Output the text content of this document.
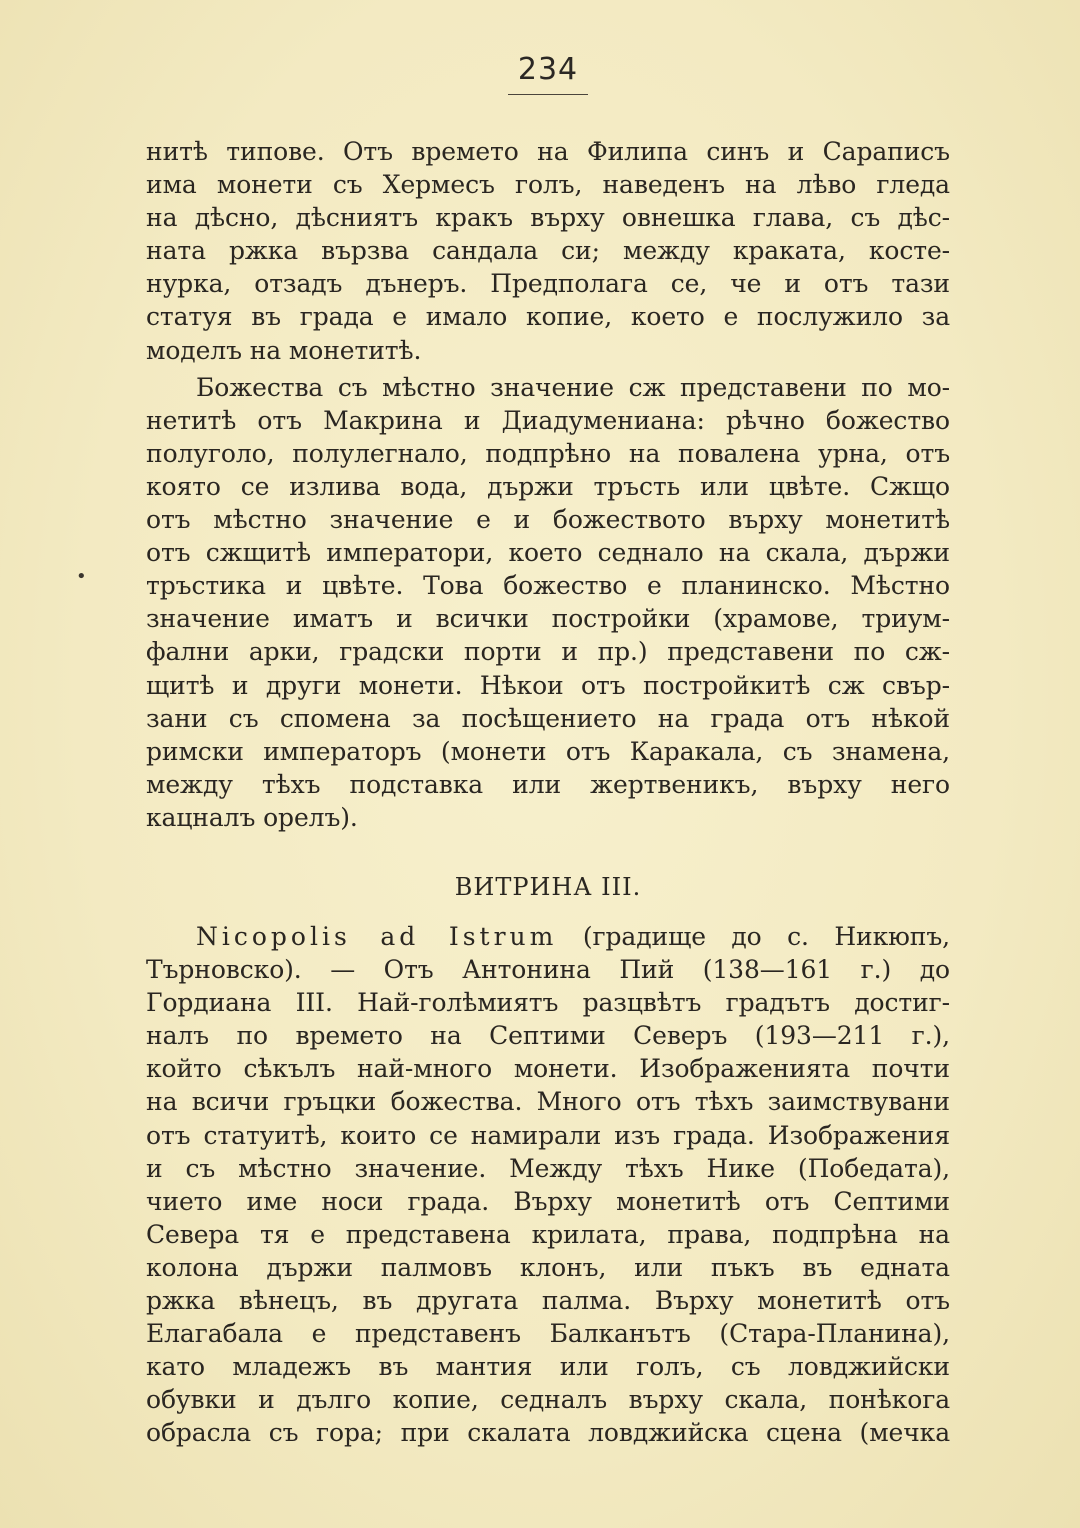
•
234
нитѣ типове. Отъ времето на Филипа синъ и Сараписъ
има монети съ Хермесъ голъ, наведенъ на лѣво гледа
на дѣсно, дѣсниятъ кракъ върху овнешка глава, съ дѣс-
ната ржка вързва сандала си; между краката, косте-
нурка, отзадъ дънеръ. Предполага се, че и отъ тази
статуя въ града е имало копие, което е послужило за
моделъ на монетитѣ.
Божества съ мѣстно значение сж представени по мо-
нетитѣ отъ Макрина и Диадумениана: рѣчно божество
полуголо, полулегнало, подпрѣно на повалена урна, отъ
която се излива вода, държи тръсть или цвѣте. Сжщо
отъ мѣстно значение е и божеството върху монетитѣ
отъ сжщитѣ императори, което седнало на скала, държи
тръстика и цвѣте. Това божество е планинско. Мѣстно
значение иматъ и всички постройки (храмове, триум-
фални арки, градски порти и пр.) представени по сж-
щитѣ и други монети. Нѣкои отъ постройкитѣ сж свър-
зани съ спомена за посѣщението на града отъ нѣкой
римски императоръ (монети отъ Каракала, съ знамена,
между тѣхъ подставка или жертвеникъ, върху него
кацналъ орелъ).
ВИТРИНА III.
Nicopolis ad Istrum (градище до с. Никюпъ,
Търновско). — Отъ Антонина Пий (138—161 г.) до
Гордиана III. Най-голѣмиятъ разцвѣтъ градътъ достиг-
налъ по времето на Септими Северъ (193—211 г.),
който сѣкълъ най-много монети. Изображенията почти
на всичи гръцки божества. Много отъ тѣхъ заимствувани
отъ статуитѣ, които се намирали изъ града. Изображения
и съ мѣстно значение. Между тѣхъ Нике (Победата),
чието име носи града. Върху монетитѣ отъ Септими
Севера тя е представена крилата, права, подпрѣна на
колона държи палмовъ клонъ, или пъкъ въ едната
ржка вѣнецъ, въ другата палма. Върху монетитѣ отъ
Елагабала е представенъ Балканътъ (Стара-Планина),
като младежъ въ мантия или голъ, съ ловджийски
обувки и дълго копие, седналъ върху скала, понѣкога
обрасла съ гора; при скалата ловджийска сцена (мечка
